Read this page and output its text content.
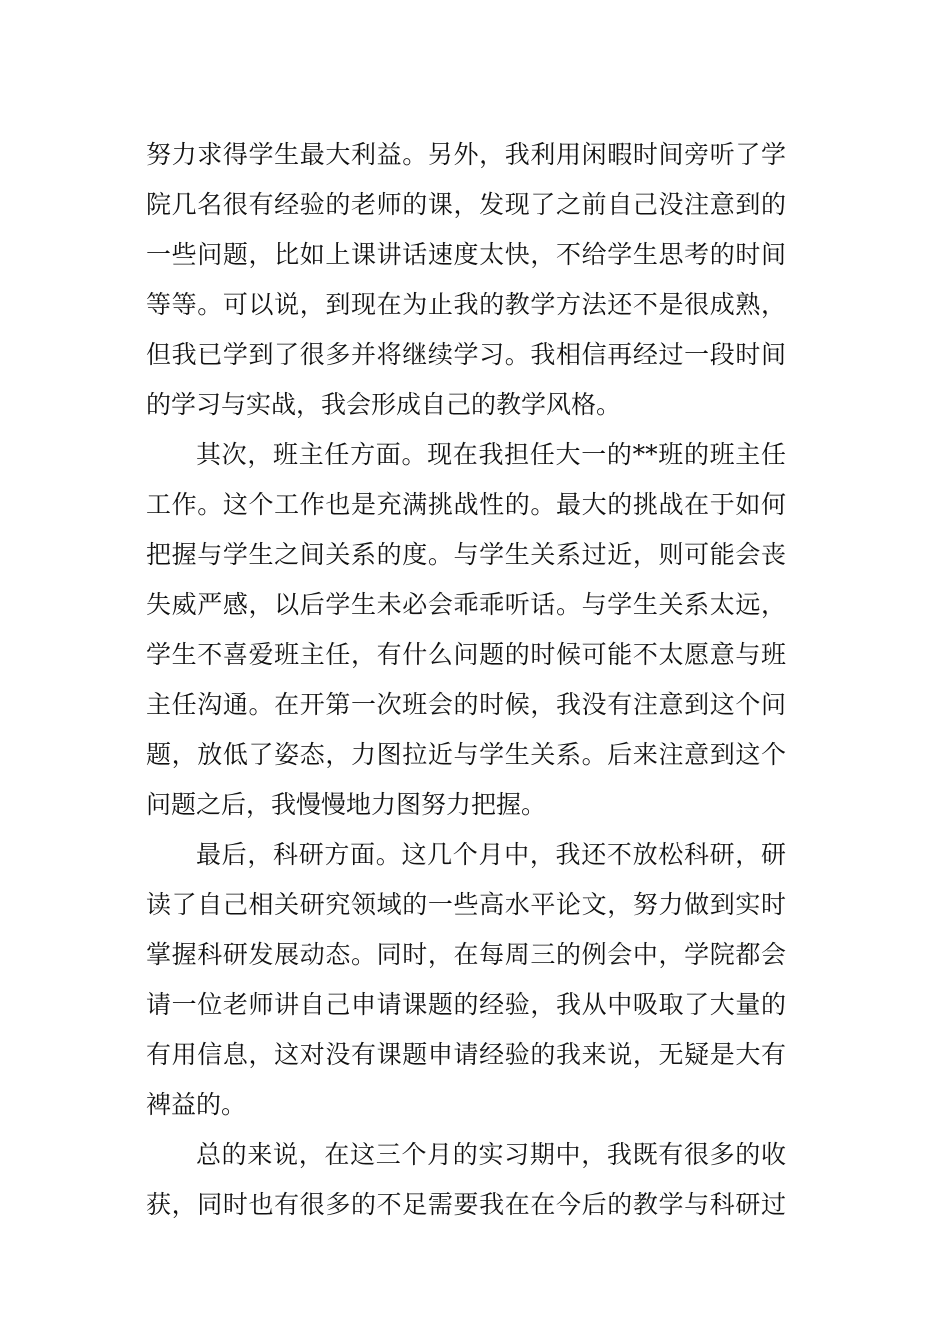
努力求得学生最大利益。另外，我利用闲暇时间旁听了学
院几名很有经验的老师的课，发现了之前自己没注意到的
一些问题，比如上课讲话速度太快，不给学生思考的时间
等等。可以说，到现在为止我的教学方法还不是很成熟，
但我已学到了很多并将继续学习。我相信再经过一段时间
的学习与实战，我会形成自己的教学风格。
其次，班主任方面。现在我担任大一的**班的班主任
工作。这个工作也是充满挑战性的。最大的挑战在于如何
把握与学生之间关系的度。与学生关系过近，则可能会丧
失威严感，以后学生未必会乖乖听话。与学生关系太远，
学生不喜爱班主任，有什么问题的时候可能不太愿意与班
主任沟通。在开第一次班会的时候，我没有注意到这个问
题，放低了姿态，力图拉近与学生关系。后来注意到这个
问题之后，我慢慢地力图努力把握。
最后，科研方面。这几个月中，我还不放松科研，研
读了自己相关研究领域的一些高水平论文，努力做到实时
掌握科研发展动态。同时，在每周三的例会中，学院都会
请一位老师讲自己申请课题的经验，我从中吸取了大量的
有用信息，这对没有课题申请经验的我来说，无疑是大有
裨益的。
总的来说，在这三个月的实习期中，我既有很多的收
获，同时也有很多的不足需要我在在今后的教学与科研过
